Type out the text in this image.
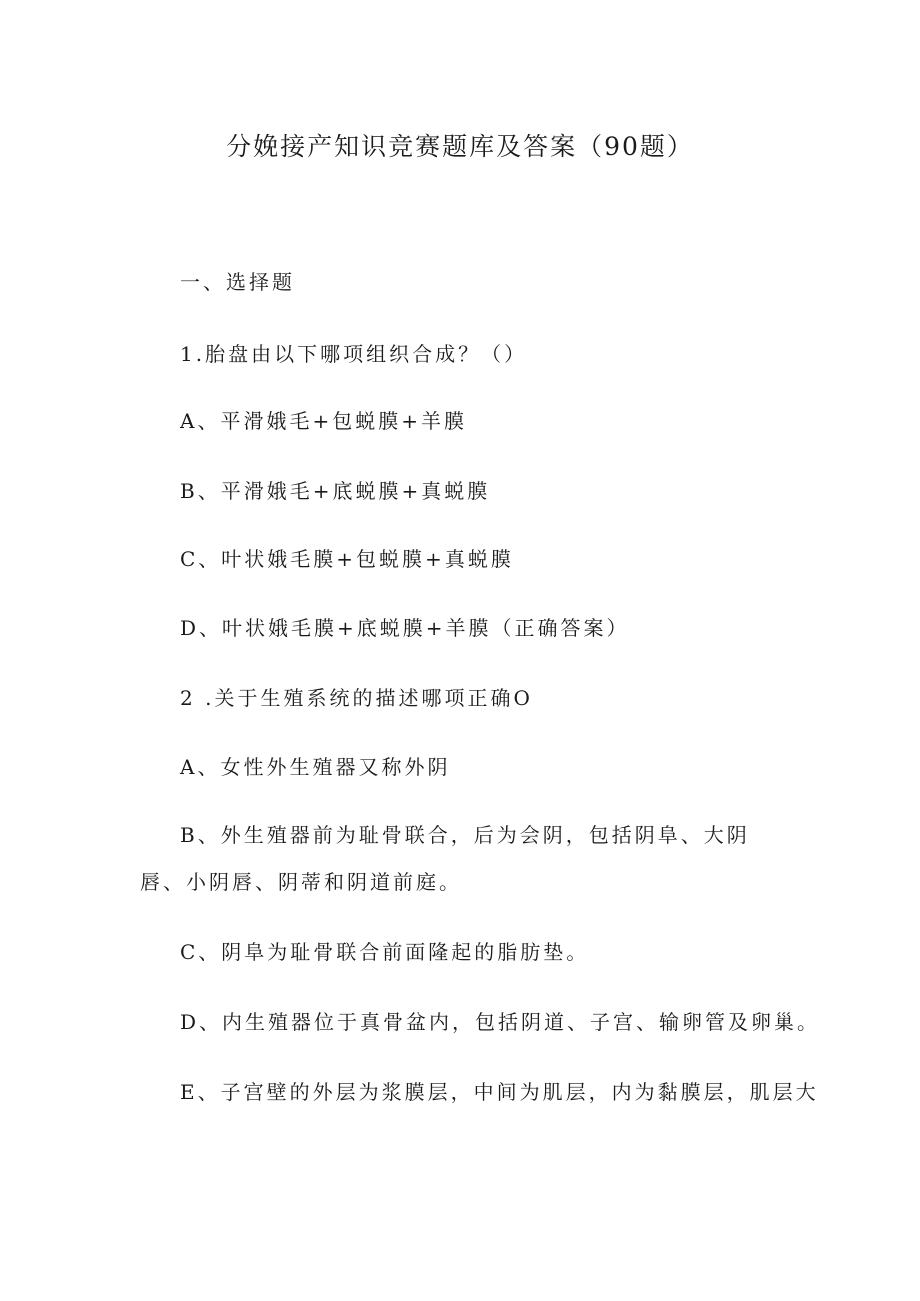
分娩接产知识竞赛题库及答案（90题）
一、选择题
1.胎盘由以下哪项组织合成？（）
A、平滑娥毛+包蜕膜+羊膜
B、平滑娥毛+底蜕膜+真蜕膜
C、叶状娥毛膜+包蜕膜+真蜕膜
D、叶状娥毛膜+底蜕膜+羊膜（正确答案）
2 .关于生殖系统的描述哪项正确O
A、女性外生殖器又称外阴
B、外生殖器前为耻骨联合，后为会阴，包括阴阜、大阴唇、小阴唇、阴蒂和阴道前庭。
C、阴阜为耻骨联合前面隆起的脂肪垫。
D、内生殖器位于真骨盆内，包括阴道、子宫、输卵管及卵巢。
E、子宫壁的外层为浆膜层，中间为肌层，内为黏膜层，肌层大
